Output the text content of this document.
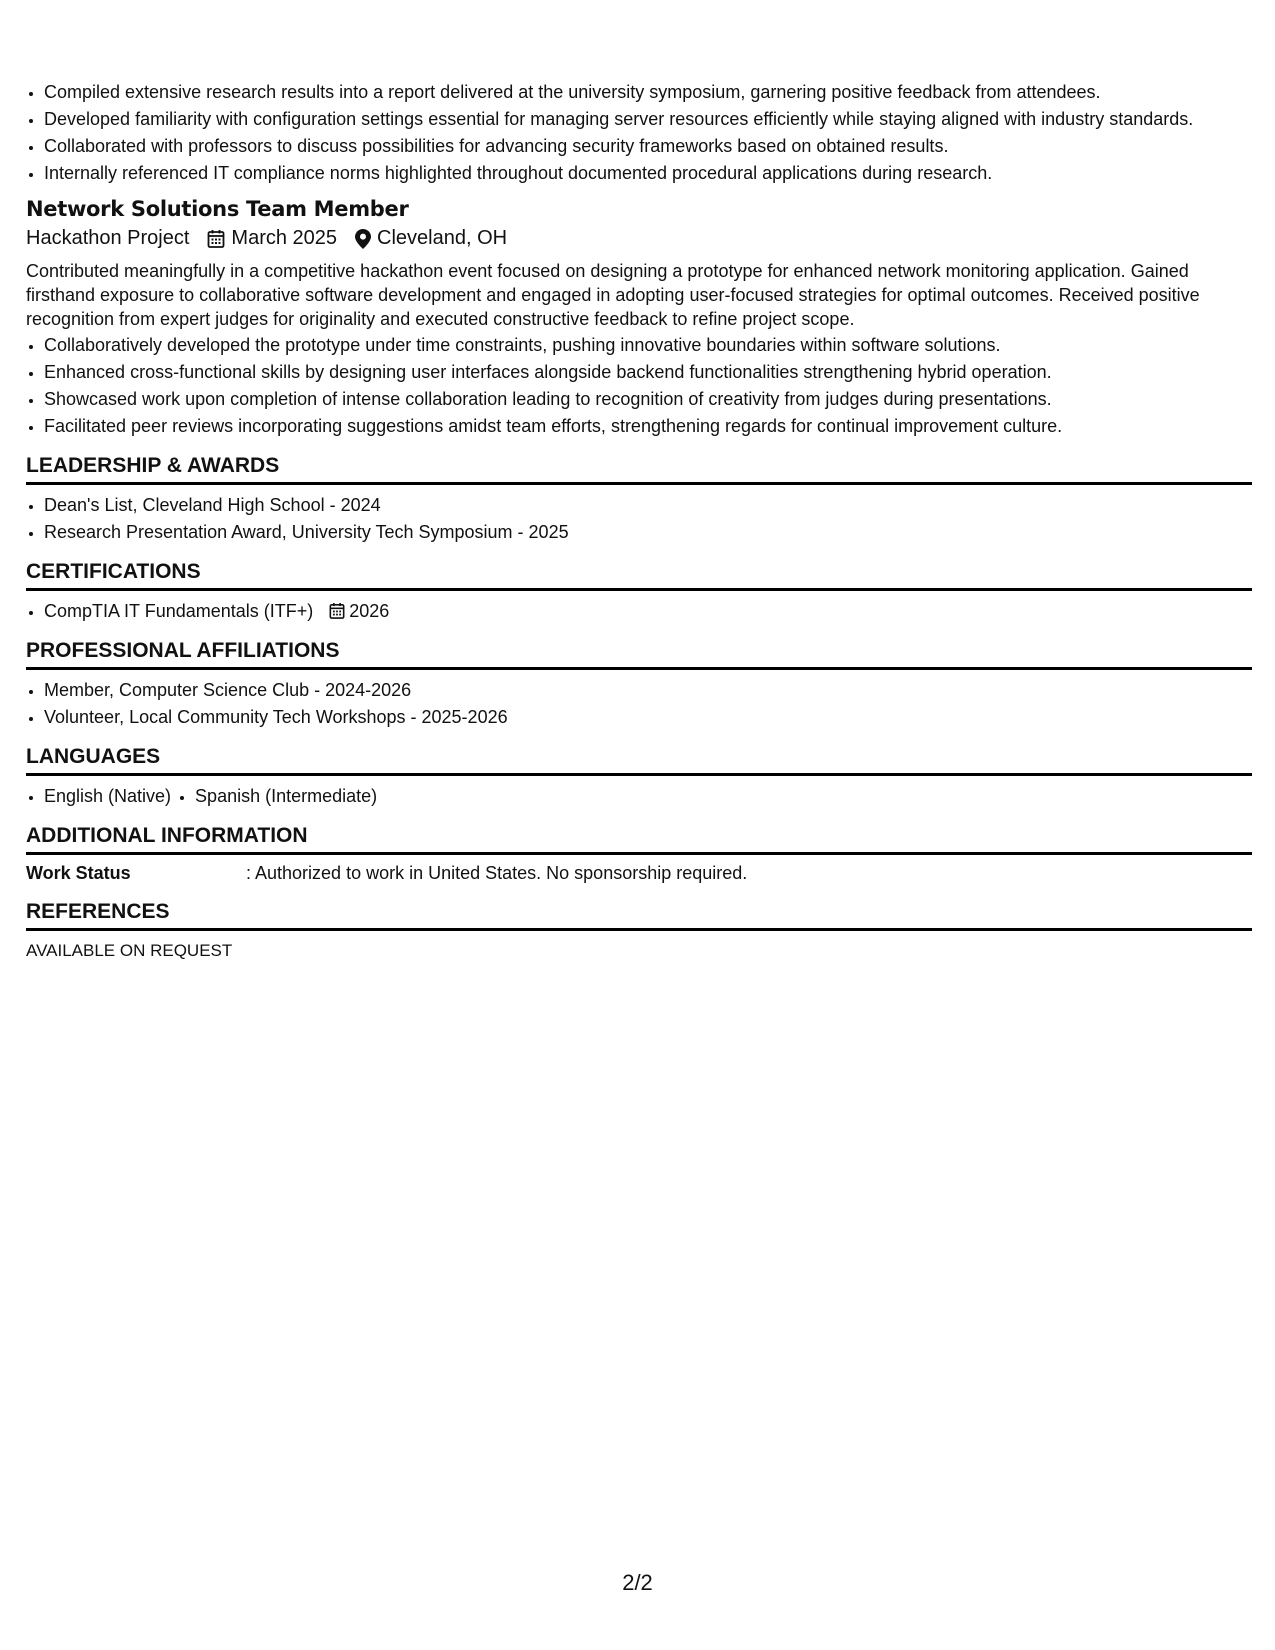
• Compiled extensive research results into a report delivered at the university symposium, garnering positive feedback from attendees.
• Developed familiarity with configuration settings essential for managing server resources efficiently while staying aligned with industry standards.
• Collaborated with professors to discuss possibilities for advancing security frameworks based on obtained results.
• Internally referenced IT compliance norms highlighted throughout documented procedural applications during research.
Network Solutions Team Member
Hackathon Project March 2025 Cleveland, OH

Contributed meaningfully in a competitive hackathon event focused on designing a prototype for enhanced network monitoring application. Gained firsthand exposure to collaborative software development and engaged in adopting user-focused strategies for optimal outcomes. Received positive recognition from expert judges for originality and executed constructive feedback to refine project scope.

• Collaboratively developed the prototype under time constraints, pushing innovative boundaries within software solutions.
• Enhanced cross-functional skills by designing user interfaces alongside backend functionalities strengthening hybrid operation.
• Showcased work upon completion of intense collaboration leading to recognition of creativity from judges during presentations.
• Facilitated peer reviews incorporating suggestions amidst team efforts, strengthening regards for continual improvement culture.
LEADERSHIP & AWARDS
• Dean's List, Cleveland High School - 2024
• Research Presentation Award, University Tech Symposium - 2025
CERTIFICATIONS
• CompTIA IT Fundamentals (ITF+) 2026
PROFESSIONAL AFFILIATIONS
• Member, Computer Science Club - 2024-2026
• Volunteer, Local Community Tech Workshops - 2025-2026
LANGUAGES
• English (Native)
• Spanish (Intermediate)
ADDITIONAL INFORMATION
Work Status	: Authorized to work in United States. No sponsorship required.
REFERENCES
AVAILABLE ON REQUEST
2/2
